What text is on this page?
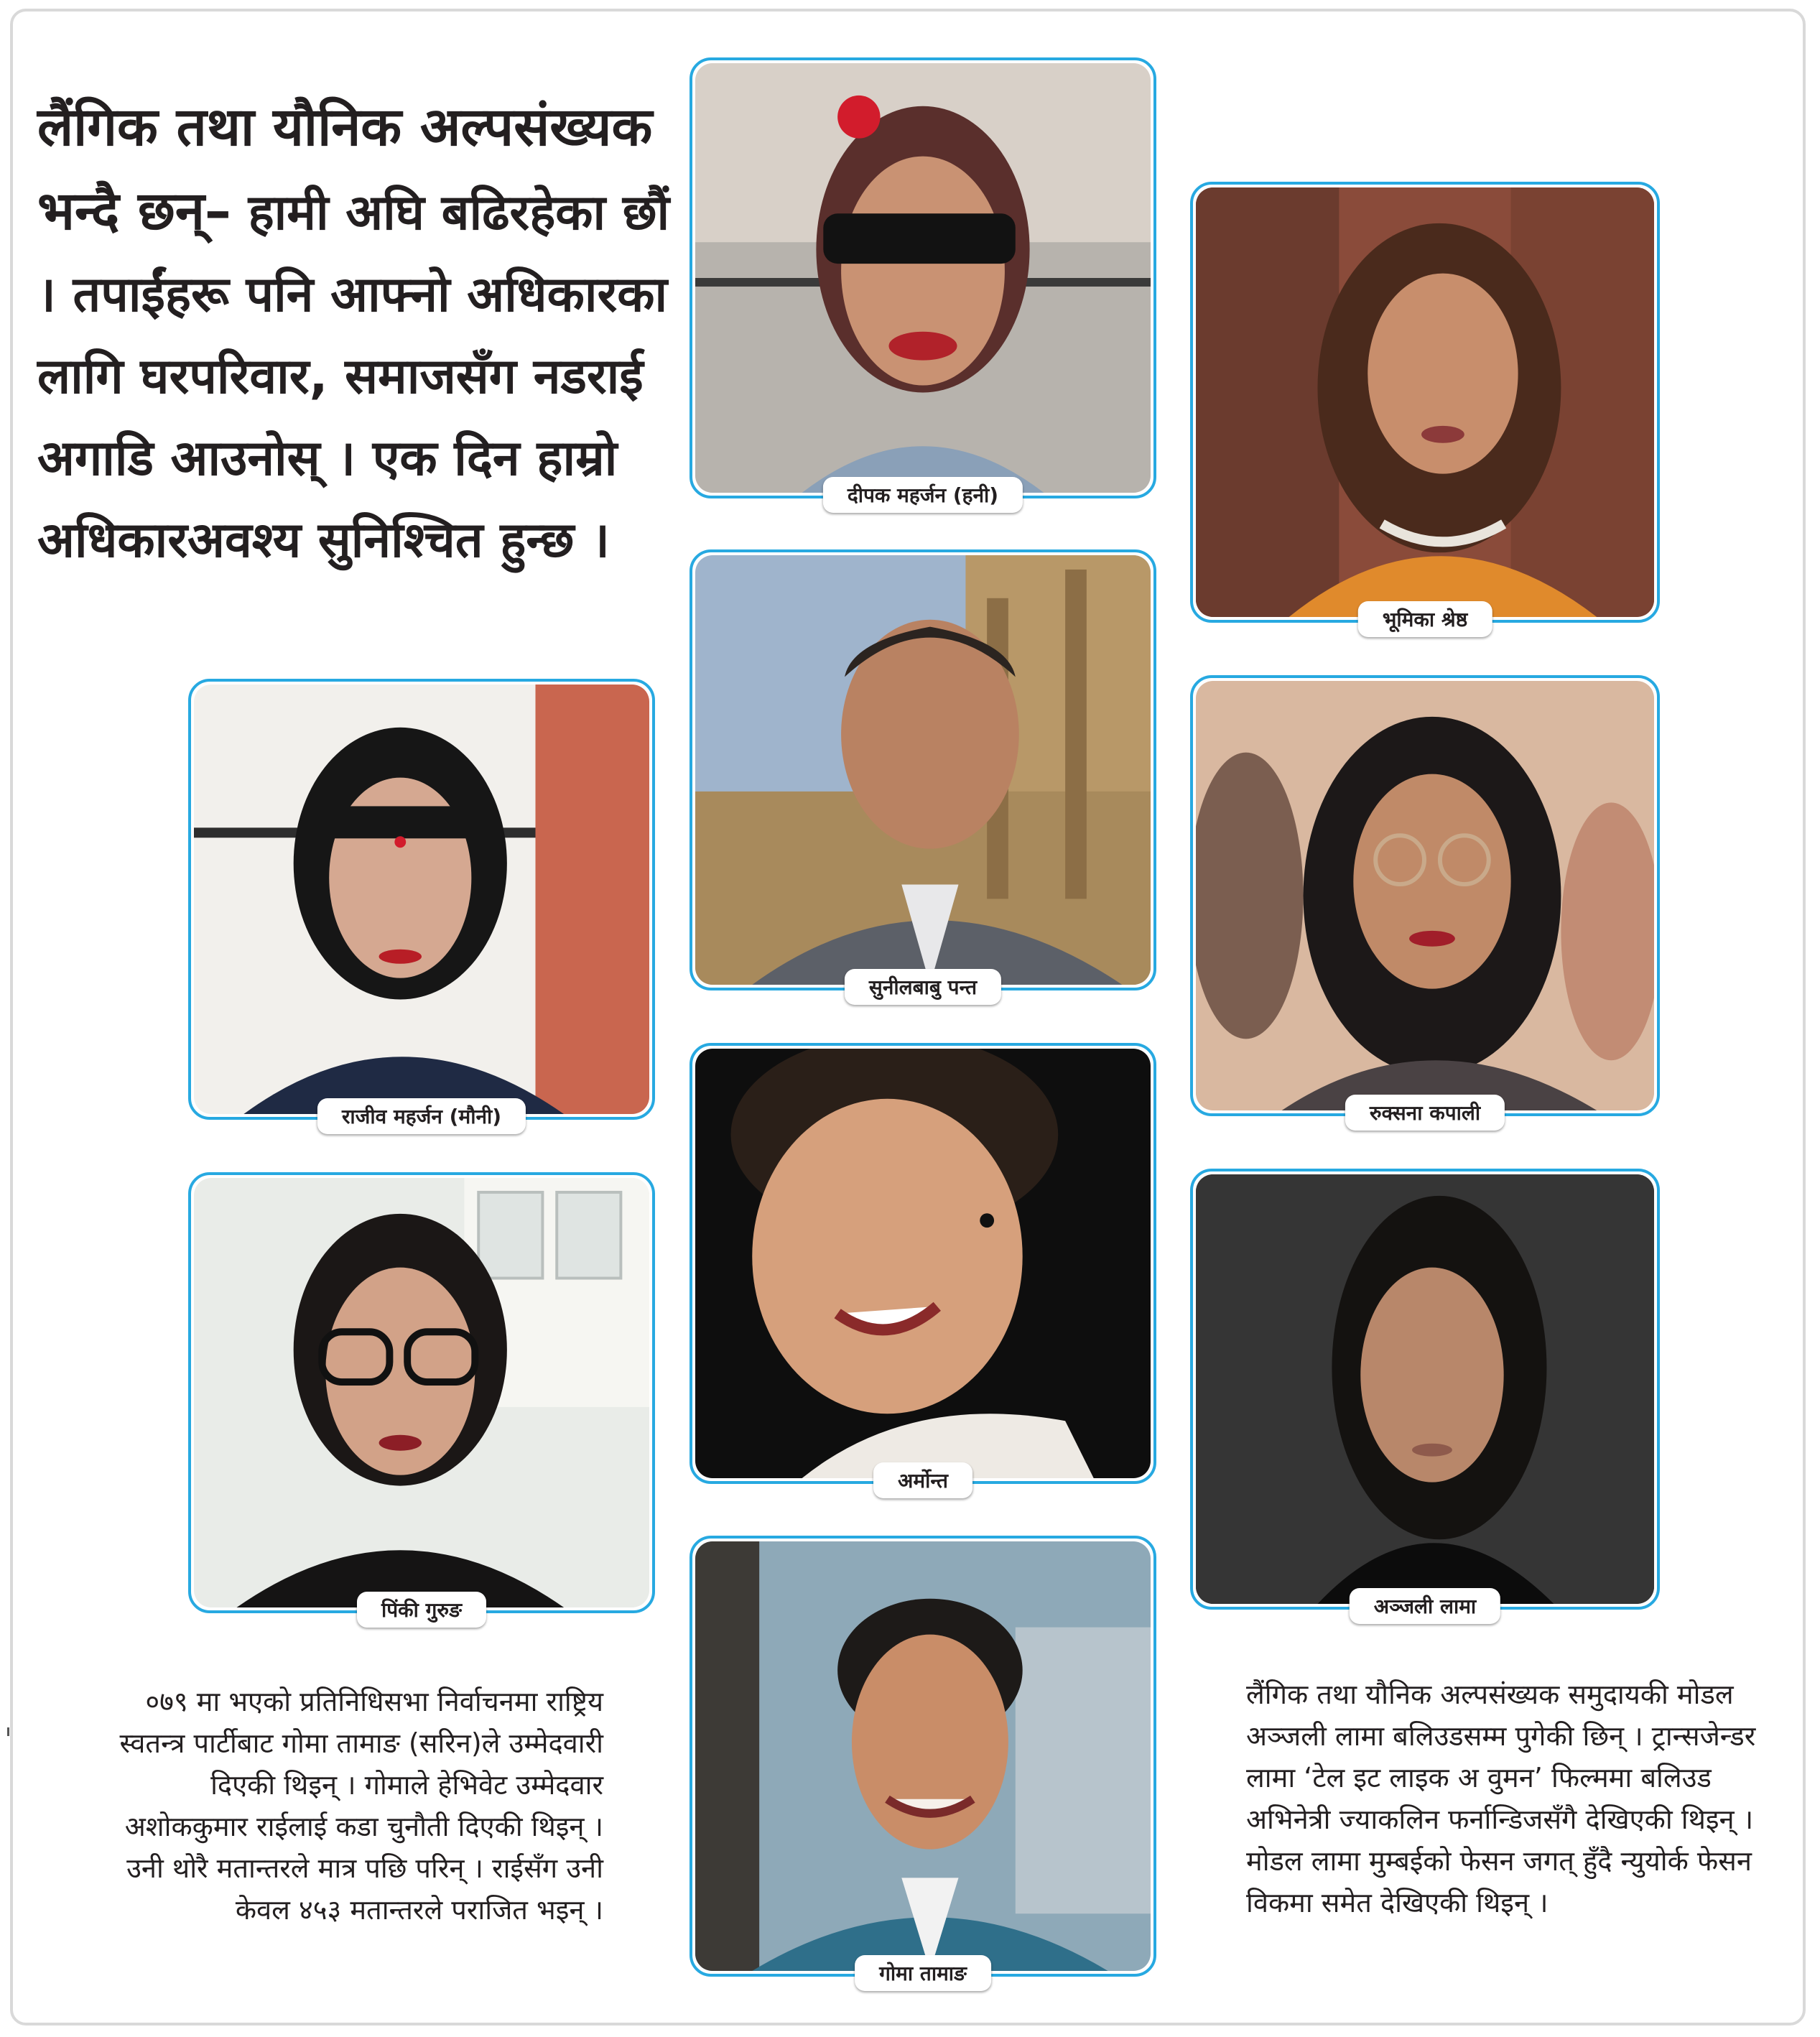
लैंगिक तथा यौनिक अल्पसंख्यक भन्दै छन्– हामी अघि बढिरहेका छौं । तपाईंहरू पनि आफ्नो अधिकारका लागि घरपरिवार, समाजसँग नडराई अगाडि आउनोस् । एक दिन हाम्रो अधिकारअवश्य सुनिश्चित हुन्छ ।
दीपक महर्जन (हनी)
भूमिका श्रेष्ठ
सुनीलबाबु पन्त
राजीव महर्जन (मौनी)	रुक्सना कपाली
अर्मोन्त
पिंकी गुरुङ	अञ्जली लामा
गोमा तामाङ

०७९ मा भएको प्रतिनिधिसभा निर्वाचनमा राष्ट्रिय स्वतन्त्र पार्टीबाट गोमा तामाङ (सरिन)ले उम्मेदवारी दिएकी थिइन् । गोमाले हेभिवेट उम्मेदवार अशोककुमार राईलाई कडा चुनौती दिएकी थिइन् । उनी थोरै मतान्तरले मात्र पछि परिन् । राईसँग उनी केवल ४५३ मतान्तरले पराजित भइन् ।

लैंगिक तथा यौनिक अल्पसंख्यक समुदायकी मोडल अञ्जली लामा बलिउडसम्म पुगेकी छिन् । ट्रान्सजेन्डर लामा ‘टेल इट लाइक अ वुमन’ फिल्ममा बलिउड अभिनेत्री ज्याकलिन फर्नान्डिजसँगै देखिएकी थिइन् । मोडल लामा मुम्बईको फेसन जगत् हुँदै न्युयोर्क फेसन विकमा समेत देखिएकी थिइन् ।
